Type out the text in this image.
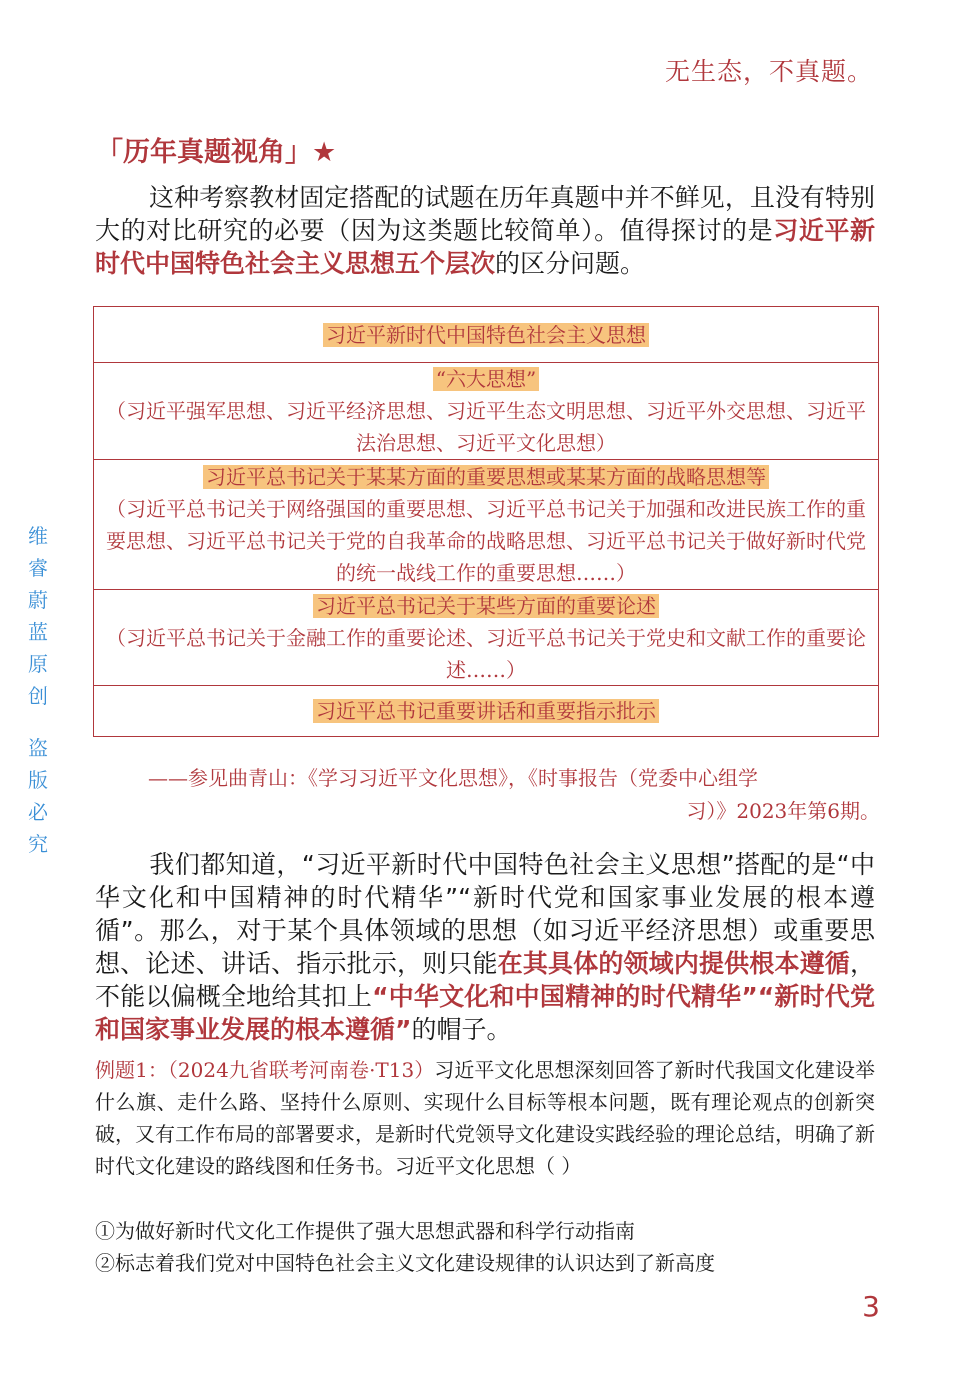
无生态，不真题。
「历年真题视角」★

这种考察教材固定搭配的试题在历年真题中并不鲜见，且没有特别大的对比研究的必要（因为这类题比较简单）。值得探讨的是习近平新时代中国特色社会主义思想五个层次的区分问题。

习近平新时代中国特色社会主义思想
“六大思想”
（习近平强军思想、习近平经济思想、习近平生态文明思想、习近平外交思想、习近平法治思想、习近平文化思想）
习近平总书记关于某某方面的重要思想或某某方面的战略思想等
（习近平总书记关于网络强国的重要思想、习近平总书记关于加强和改进民族工作的重要思想、习近平总书记关于党的自我革命的战略思想、习近平总书记关于做好新时代党的统一战线工作的重要思想……）
习近平总书记关于某些方面的重要论述
（习近平总书记关于金融工作的重要论述、习近平总书记关于党史和文献工作的重要论述……）
习近平总书记重要讲话和重要指示批示
——参见曲青山：《学习习近平文化思想》，《时事报告（党委中心组学
习）》2023年第6期。

我们都知道，“习近平新时代中国特色社会主义思想”搭配的是“中华文化和中国精神的时代精华”“新时代党和国家事业发展的根本遵循”。那么，对于某个具体领域的思想（如习近平经济思想）或重要思想、论述、讲话、指示批示，则只能在其具体的领域内提供根本遵循，不能以偏概全地给其扣上“中华文化和中国精神的时代精华”“新时代党和国家事业发展的根本遵循”的帽子。

例题1：（2024九省联考河南卷·T13）习近平文化思想深刻回答了新时代我国文化建设举什么旗、走什么路、坚持什么原则、实现什么目标等根本问题，既有理论观点的创新突破，又有工作布局的部署要求，是新时代党领导文化建设实践经验的理论总结，明确了新时代文化建设的路线图和任务书。习近平文化思想（ ）
①为做好新时代文化工作提供了强大思想武器和科学行动指南
②标志着我们党对中国特色社会主义文化建设规律的认识达到了新高度
维
睿
蔚
蓝
原
创
盗
版
必
究
3
